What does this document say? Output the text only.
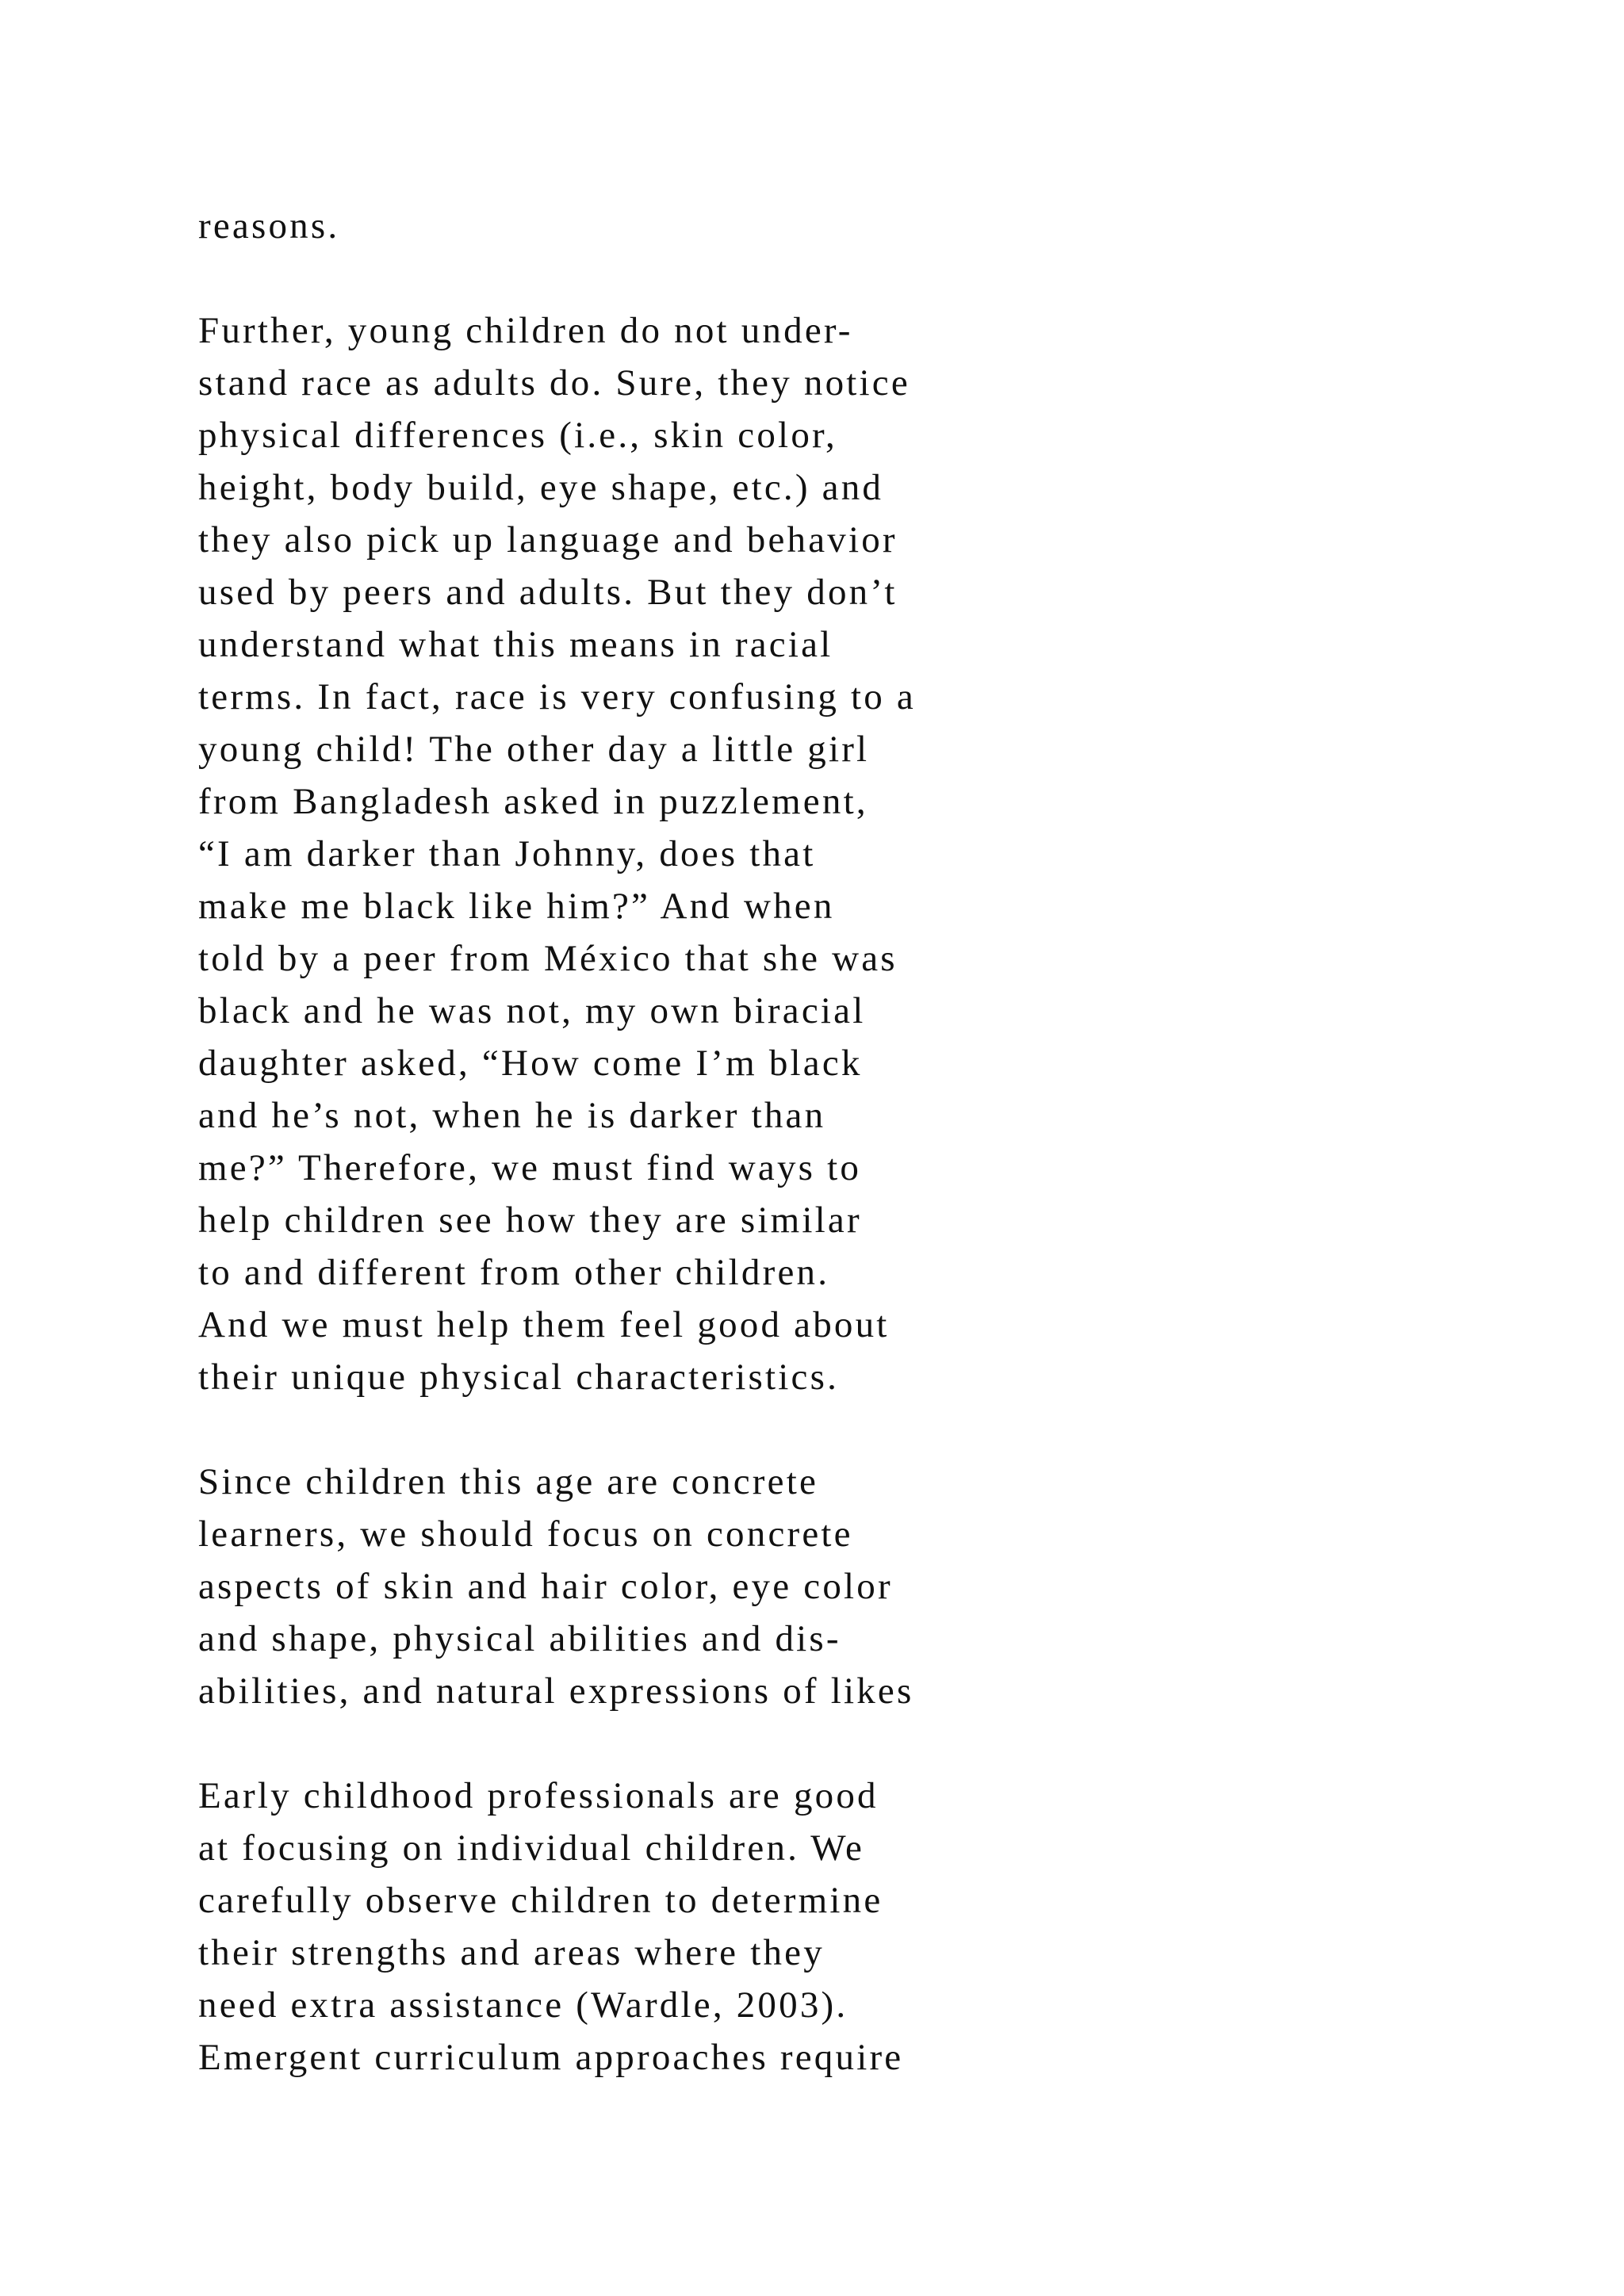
reasons.
Further, young children do not under-
stand race as adults do. Sure, they notice
physical differences (i.e., skin color,
height, body build, eye shape, etc.) and
they also pick up language and behavior
used by peers and adults. But they don’t
understand what this means in racial
terms. In fact, race is very confusing to a
young child! The other day a little girl
from Bangladesh asked in puzzlement,
“I am darker than Johnny, does that
make me black like him?” And when
told by a peer from México that she was
black and he was not, my own biracial
daughter asked, “How come I’m black
and he’s not, when he is darker than
me?” Therefore, we must find ways to
help children see how they are similar
to and different from other children.
And we must help them feel good about
their unique physical characteristics.
Since children this age are concrete
learners, we should focus on concrete
aspects of skin and hair color, eye color
and shape, physical abilities and dis-
abilities, and natural expressions of likes
Early childhood professionals are good
at focusing on individual children. We
carefully observe children to determine
their strengths and areas where they
need extra assistance (Wardle, 2003).
Emergent curriculum approaches require
